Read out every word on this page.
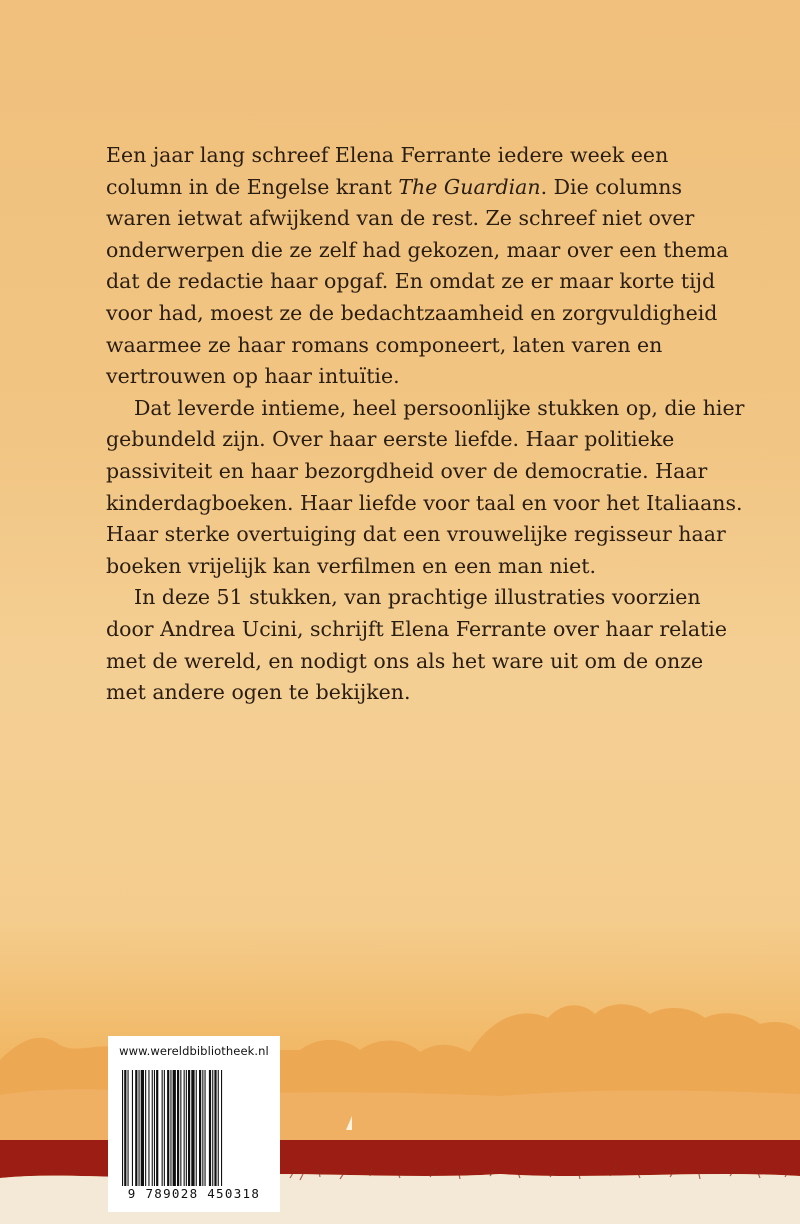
Een jaar lang schreef Elena Ferrante iedere week een column in de Engelse krant The Guardian. Die columns waren ietwat afwijkend van de rest. Ze schreef niet over onderwerpen die ze zelf had gekozen, maar over een thema dat de redactie haar opgaf. En omdat ze er maar korte tijd voor had, moest ze de bedachtzaamheid en zorgvuldigheid waarmee ze haar romans componeert, laten varen en vertrouwen op haar intuïtie.

Dat leverde intieme, heel persoonlijke stukken op, die hier gebundeld zijn. Over haar eerste liefde. Haar politieke passiviteit en haar bezorgdheid over de democratie. Haar kinderdagboeken. Haar liefde voor taal en voor het Italiaans. Haar sterke overtuiging dat een vrouwelijke regisseur haar boeken vrijelijk kan verfilmen en een man niet.

In deze 51 stukken, van prachtige illustraties voorzien door Andrea Ucini, schrijft Elena Ferrante over haar relatie met de wereld, en nodigt ons als het ware uit om de onze met andere ogen te bekijken.

www.wereldbibliotheek.nl
9 789028 450318
